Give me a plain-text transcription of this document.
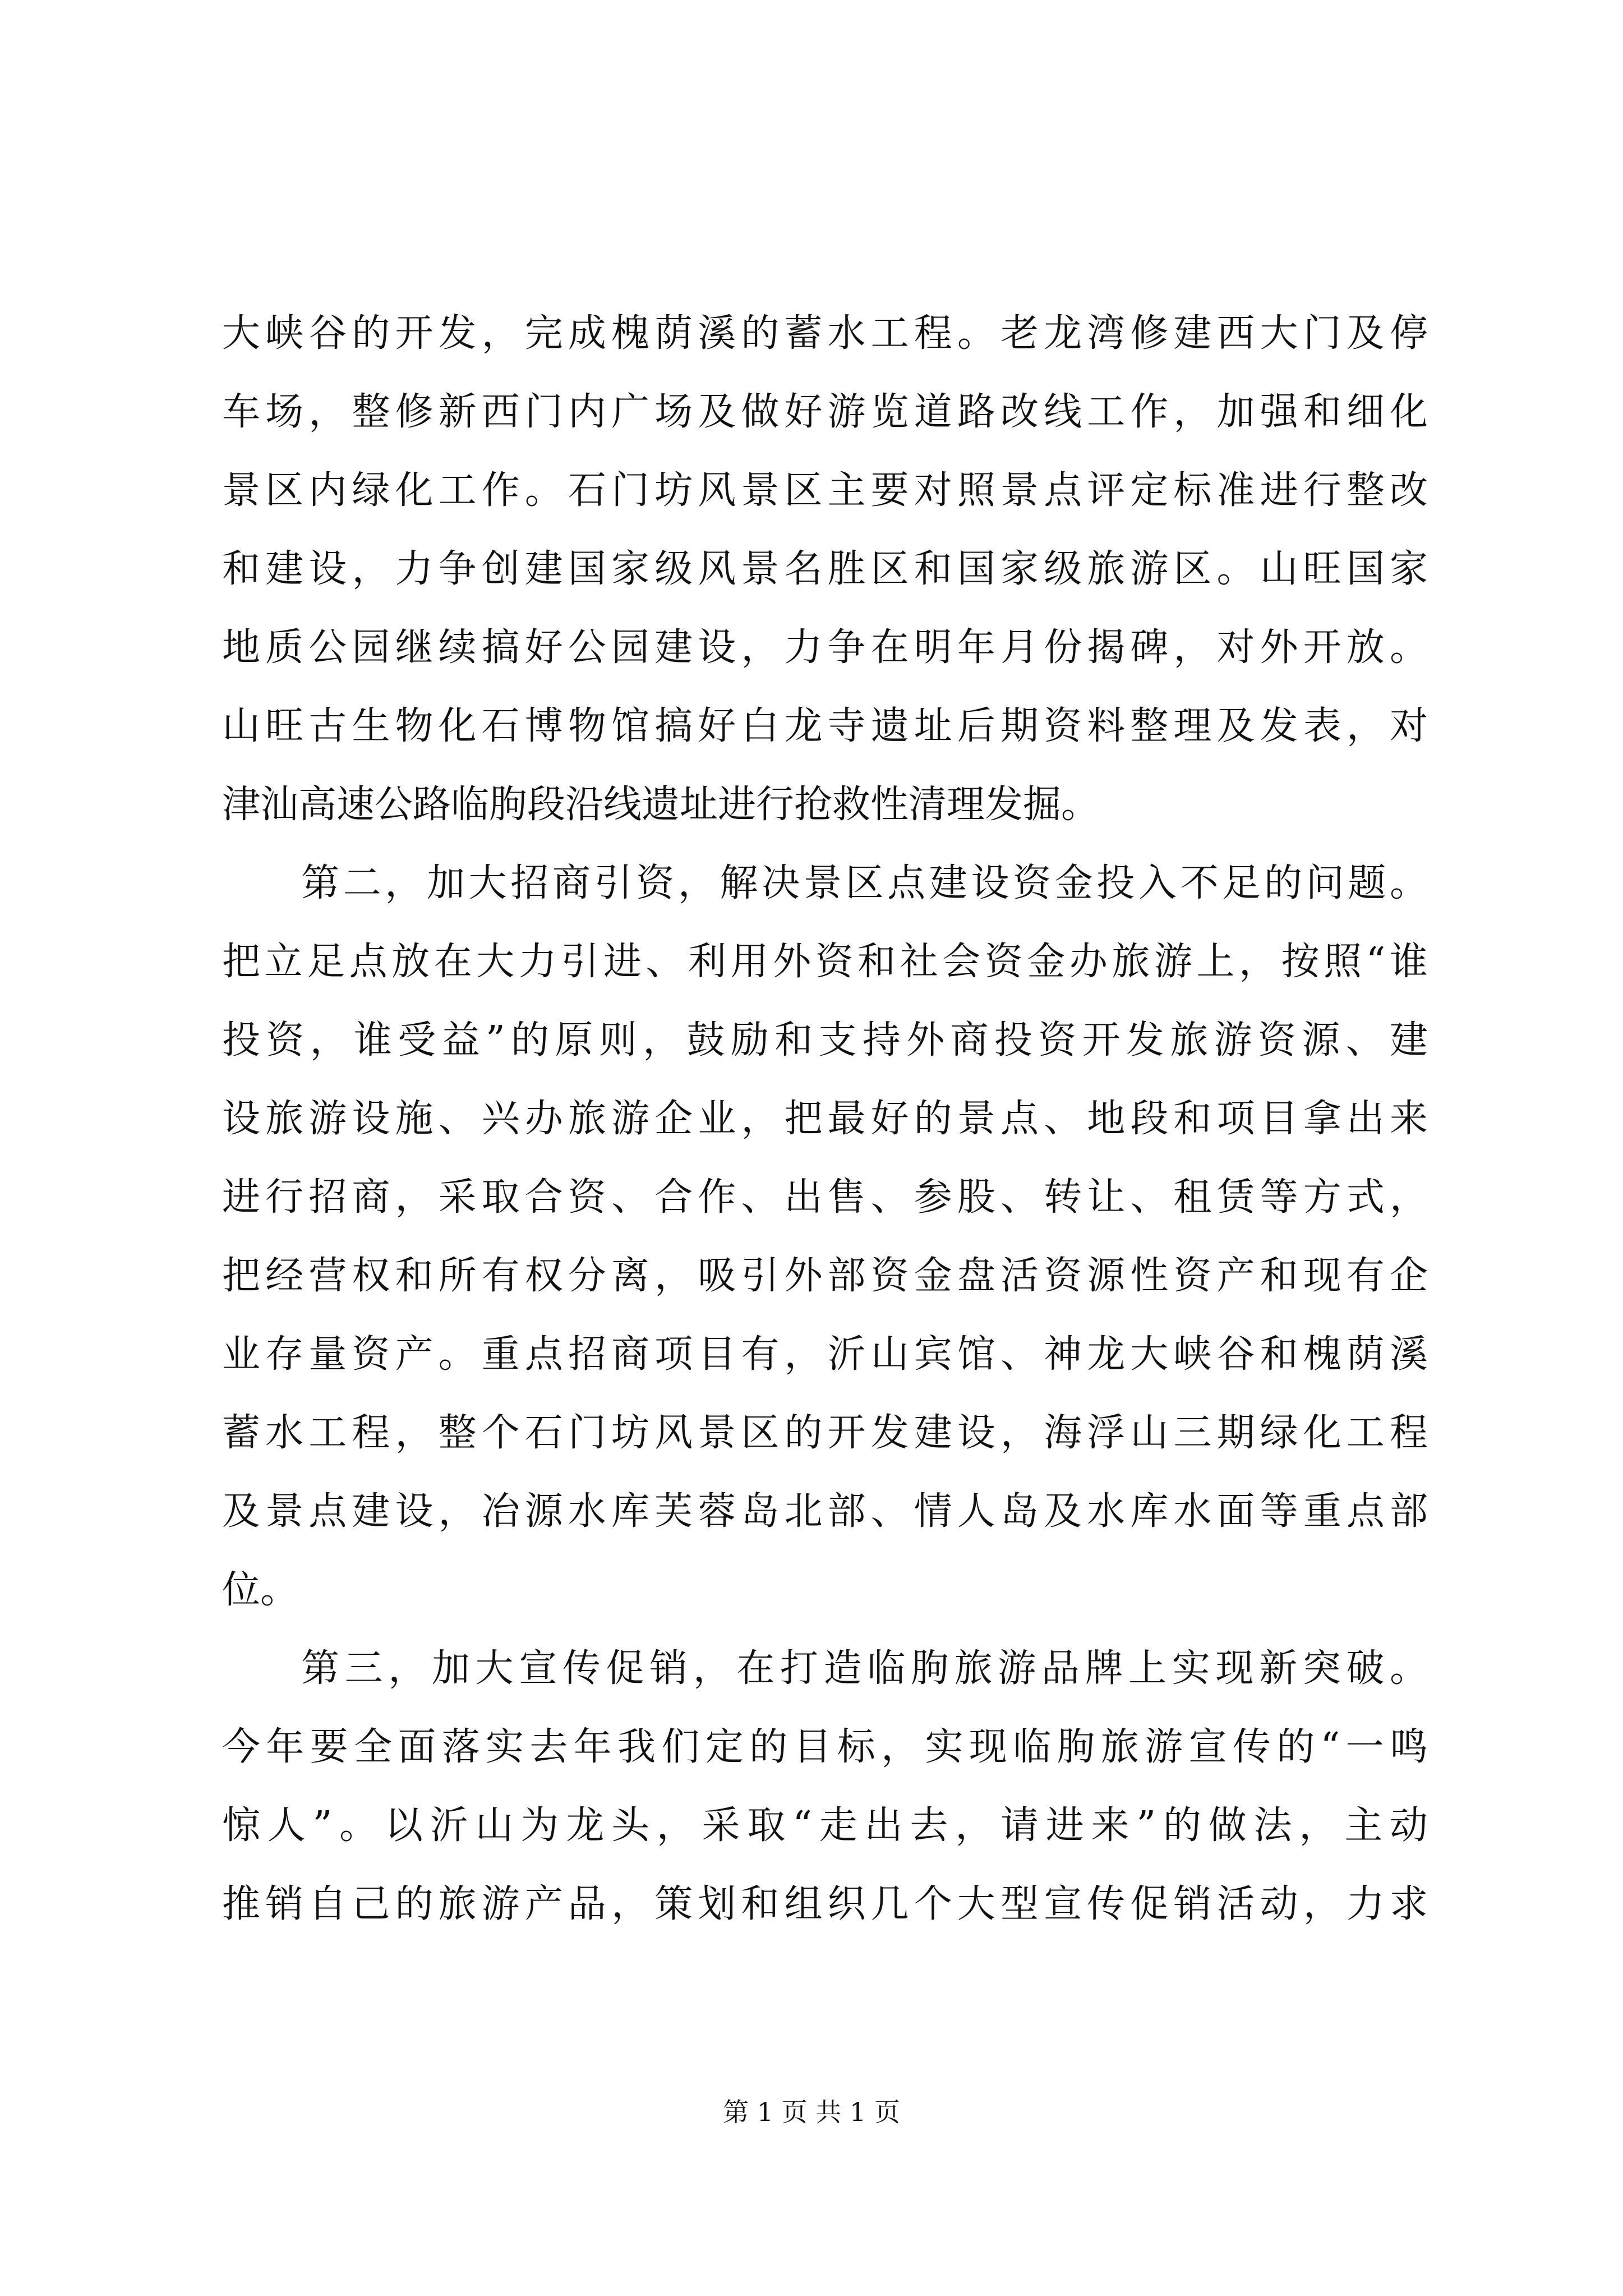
大峡谷的开发，完成槐荫溪的蓄水工程。老龙湾修建西大门及停
车场，整修新西门内广场及做好游览道路改线工作，加强和细化
景区内绿化工作。石门坊风景区主要对照景点评定标准进行整改
和建设，力争创建国家级风景名胜区和国家级旅游区。山旺国家
地质公园继续搞好公园建设，力争在明年月份揭碑，对外开放。
山旺古生物化石博物馆搞好白龙寺遗址后期资料整理及发表，对
津汕高速公路临朐段沿线遗址进行抢救性清理发掘。
第二，加大招商引资，解决景区点建设资金投入不足的问题。
把立足点放在大力引进、利用外资和社会资金办旅游上，按照“谁
投资，谁受益”的原则，鼓励和支持外商投资开发旅游资源、建
设旅游设施、兴办旅游企业，把最好的景点、地段和项目拿出来
进行招商，采取合资、合作、出售、参股、转让、租赁等方式，
把经营权和所有权分离，吸引外部资金盘活资源性资产和现有企
业存量资产。重点招商项目有，沂山宾馆、神龙大峡谷和槐荫溪
蓄水工程，整个石门坊风景区的开发建设，海浮山三期绿化工程
及景点建设，冶源水库芙蓉岛北部、情人岛及水库水面等重点部
位。
第三，加大宣传促销，在打造临朐旅游品牌上实现新突破。
今年要全面落实去年我们定的目标，实现临朐旅游宣传的“一鸣
惊人”。以沂山为龙头，采取“走出去，请进来”的做法，主动
推销自己的旅游产品，策划和组织几个大型宣传促销活动，力求
第 1 页 共 1 页
